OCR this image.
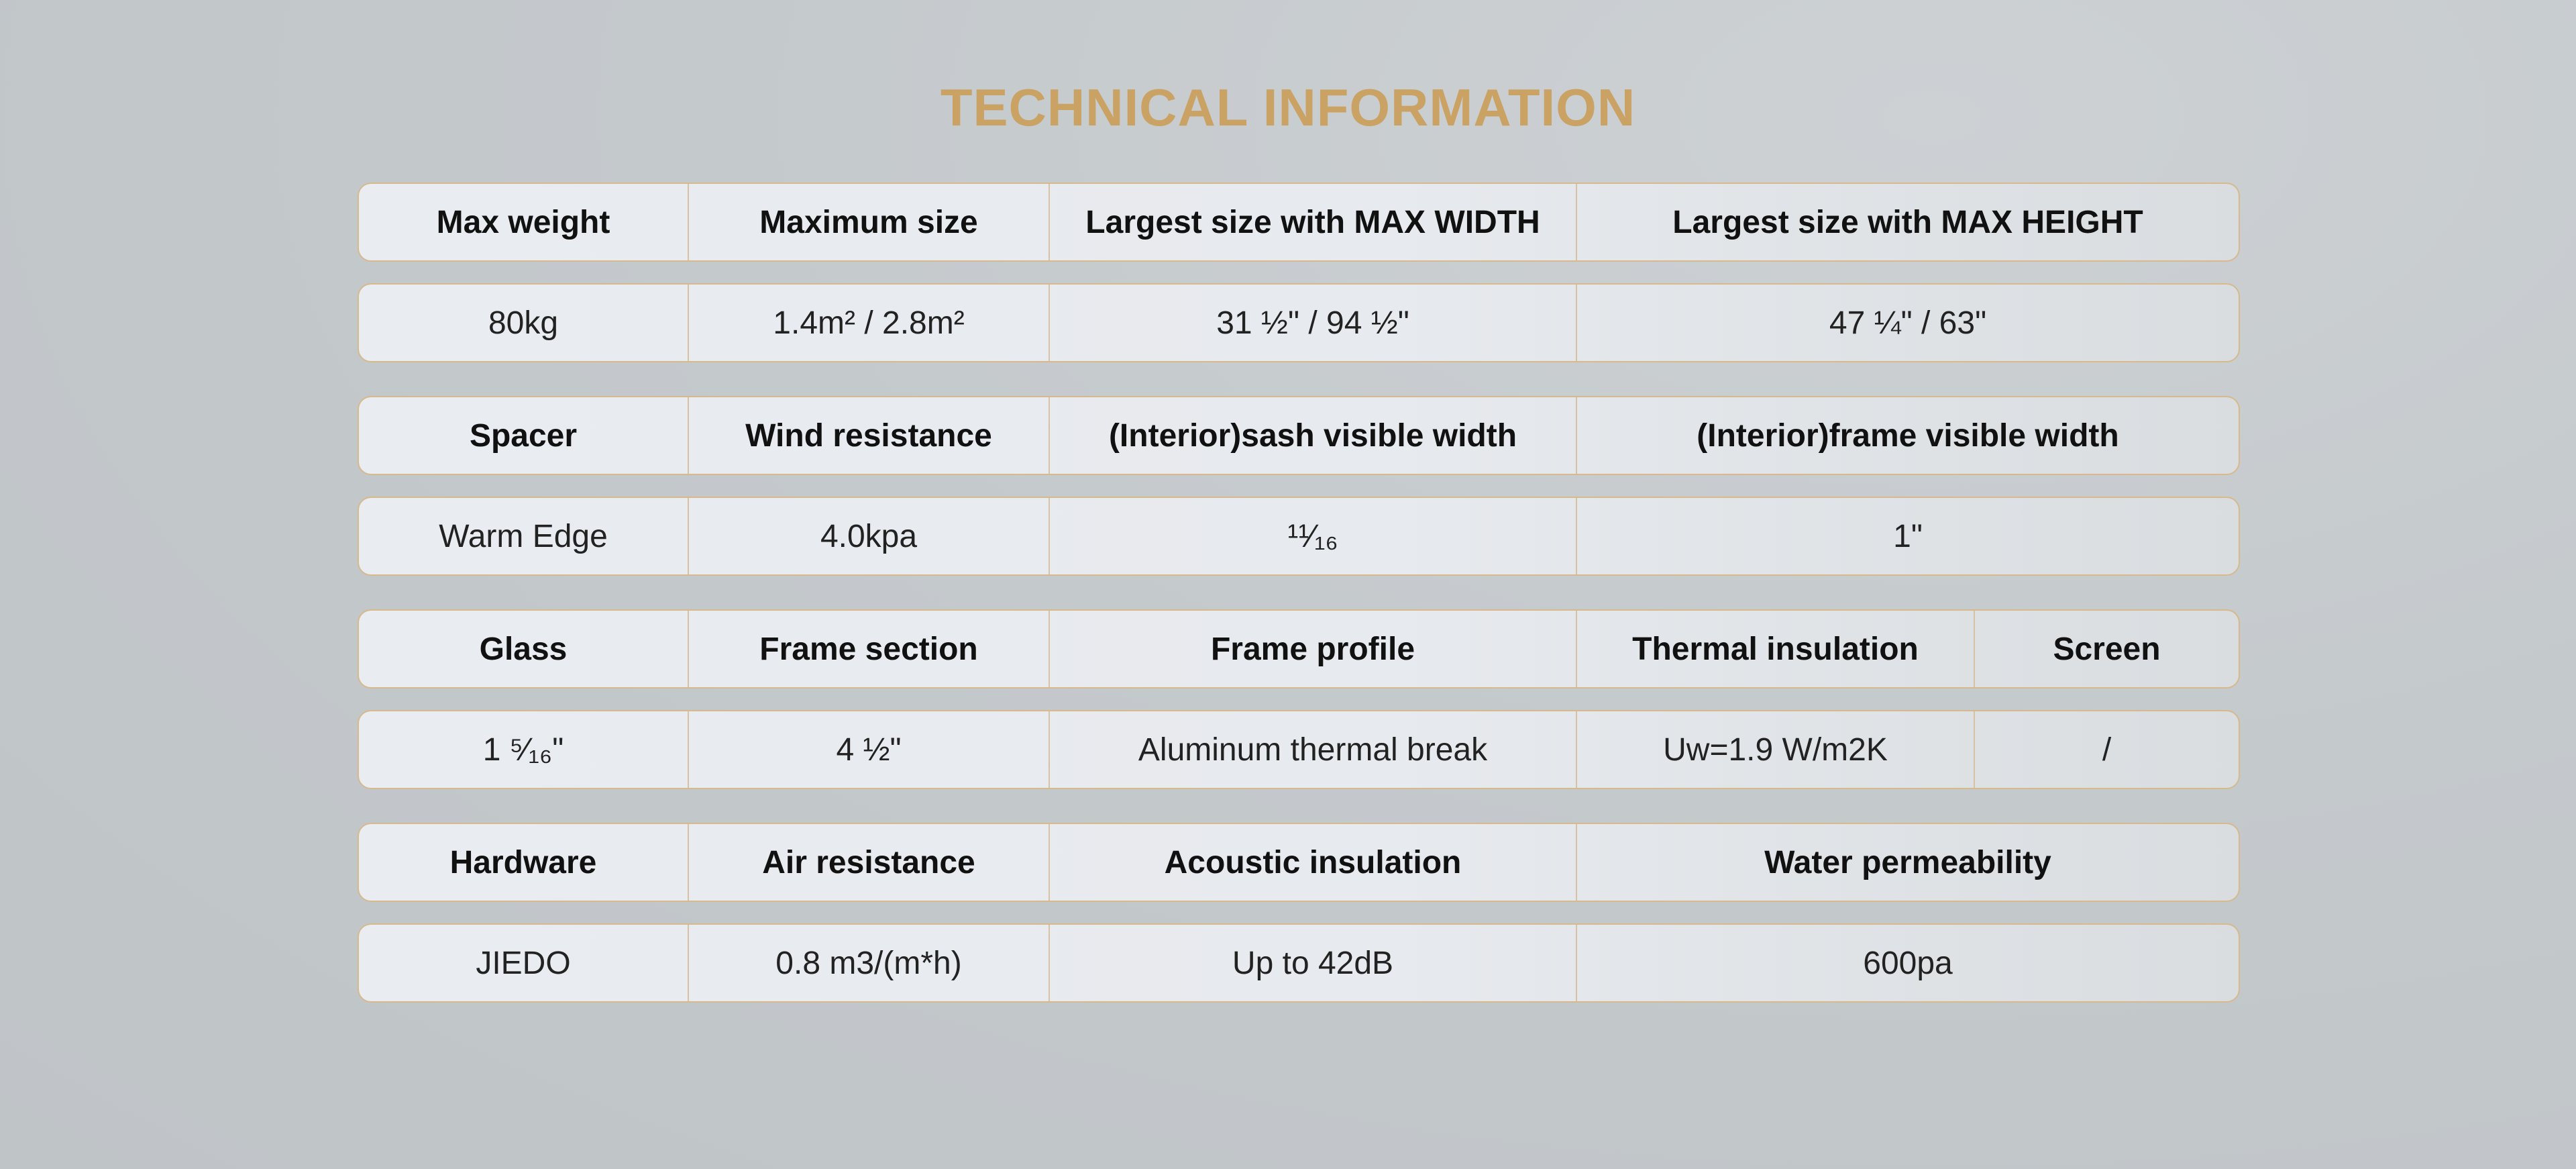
TECHNICAL INFORMATION
Max weight	Maximum size	Largest size with MAX WIDTH	Largest size with MAX HEIGHT
80kg	1.4m² / 2.8m²	31 ½" / 94 ½"	47 ¼" / 63"
Spacer	Wind resistance	(Interior)sash visible width	(Interior)frame visible width
Warm Edge	4.0kpa	¹¹⁄₁₆	1"
Glass	Frame section	Frame profile	Thermal insulation	Screen
1 ⁵⁄₁₆"	4 ½"	Aluminum thermal break	Uw=1.9 W/m2K	/
Hardware	Air resistance	Acoustic insulation	Water permeability
JIEDO	0.8 m3/(m*h)	Up to 42dB	600pa
